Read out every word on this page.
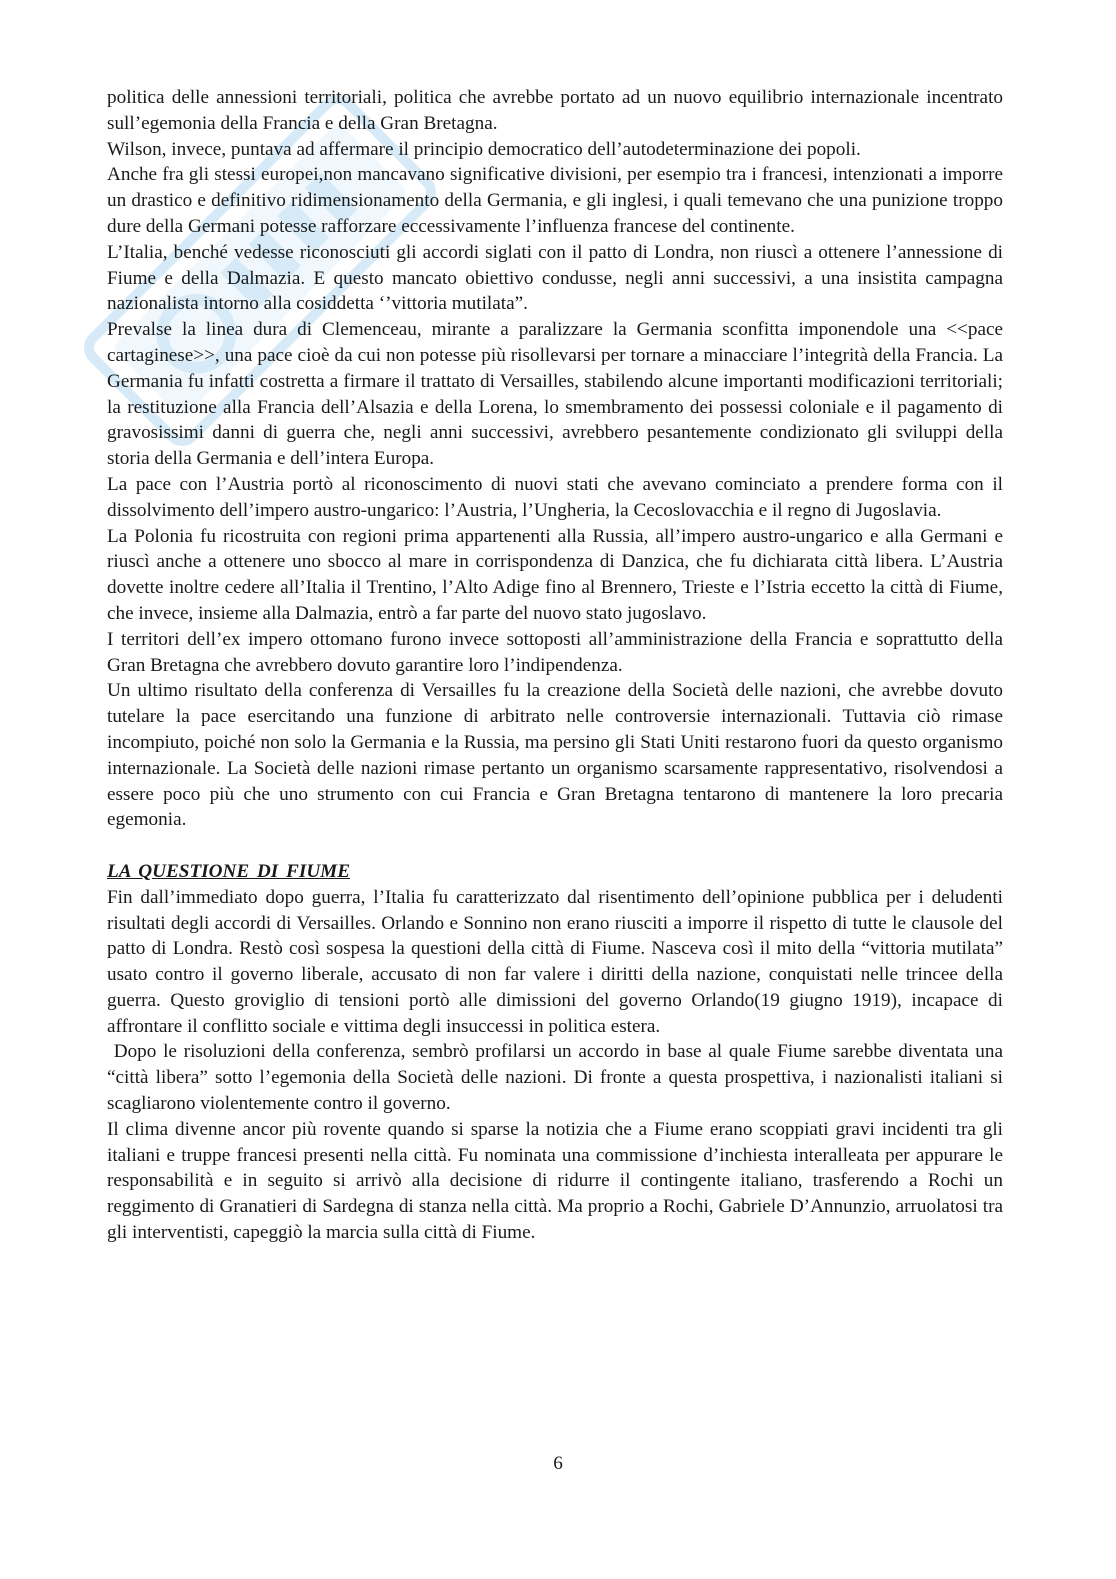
politica delle annessioni territoriali, politica che avrebbe portato ad un nuovo equilibrio internazionale incentrato sull’egemonia della Francia e della Gran Bretagna.

Wilson, invece, puntava ad affermare il principio democratico dell’autodeterminazione dei popoli.

Anche fra gli stessi europei,non mancavano significative divisioni, per esempio tra i francesi, intenzionati a imporre un drastico e definitivo ridimensionamento della Germania, e gli inglesi, i quali temevano che una punizione troppo dure della Germani potesse rafforzare eccessivamente l’influenza francese del continente.

L’Italia, benché vedesse riconosciuti gli accordi siglati con il patto di Londra, non riuscì a ottenere l’annessione di Fiume e della Dalmazia. E questo mancato obiettivo condusse, negli anni successivi, a una insistita campagna nazionalista intorno alla cosiddetta ‘’vittoria mutilata”.

Prevalse la linea dura di Clemenceau, mirante a paralizzare la Germania sconfitta imponendole una <<pace cartaginese>>, una pace cioè da cui non potesse più risollevarsi per tornare a minacciare l’integrità della Francia. La Germania fu infatti costretta a firmare il trattato di Versailles, stabilendo alcune importanti modificazioni territoriali; la restituzione alla Francia dell’Alsazia e della Lorena, lo smembramento dei possessi coloniale e il pagamento di gravosissimi danni di guerra che, negli anni successivi, avrebbero pesantemente condizionato gli sviluppi della storia della Germania e dell’intera Europa.

La pace con l’Austria portò al riconoscimento di nuovi stati che avevano cominciato a prendere forma con il dissolvimento dell’impero austro-ungarico: l’Austria, l’Ungheria, la Cecoslovacchia e il regno di Jugoslavia.

La Polonia fu ricostruita con regioni prima appartenenti alla Russia, all’impero austro-ungarico e alla Germani e riuscì anche a ottenere uno sbocco al mare in corrispondenza di Danzica, che fu dichiarata città libera. L’Austria dovette inoltre cedere all’Italia il Trentino, l’Alto Adige fino al Brennero, Trieste e l’Istria eccetto la città di Fiume, che invece, insieme alla Dalmazia, entrò a far parte del nuovo stato jugoslavo.

I territori dell’ex impero ottomano furono invece sottoposti all’amministrazione della Francia e soprattutto della Gran Bretagna che avrebbero dovuto garantire loro l’indipendenza.

Un ultimo risultato della conferenza di Versailles fu la creazione della Società delle nazioni, che avrebbe dovuto tutelare la pace esercitando una funzione di arbitrato nelle controversie internazionali. Tuttavia ciò rimase incompiuto, poiché non solo la Germania e la Russia, ma persino gli Stati Uniti restarono fuori da questo organismo internazionale. La Società delle nazioni rimase pertanto un organismo scarsamente rappresentativo, risolvendosi a essere poco più che uno strumento con cui Francia e Gran Bretagna tentarono di mantenere la loro precaria egemonia.

LA QUESTIONE DI FIUME

Fin dall’immediato dopo guerra, l’Italia fu caratterizzato dal risentimento dell’opinione pubblica per i deludenti risultati degli accordi di Versailles. Orlando e Sonnino non erano riusciti a imporre il rispetto di tutte le clausole del patto di Londra. Restò così sospesa la questioni della città di Fiume. Nasceva così il mito della “vittoria mutilata” usato contro il governo liberale, accusato di non far valere i diritti della nazione, conquistati nelle trincee della guerra. Questo groviglio di tensioni portò alle dimissioni del governo Orlando(19 giugno 1919), incapace di affrontare il conflitto sociale e vittima degli insuccessi in politica estera.

Dopo le risoluzioni della conferenza, sembrò profilarsi un accordo in base al quale Fiume sarebbe diventata una “città libera” sotto l’egemonia della Società delle nazioni. Di fronte a questa prospettiva, i nazionalisti italiani si scagliarono violentemente contro il governo.

Il clima divenne ancor più rovente quando si sparse la notizia che a Fiume erano scoppiati gravi incidenti tra gli italiani e truppe francesi presenti nella città. Fu nominata una commissione d’inchiesta interalleata per appurare le responsabilità e in seguito si arrivò alla decisione di ridurre il contingente italiano, trasferendo a Rochi un reggimento di Granatieri di Sardegna di stanza nella città. Ma proprio a Rochi, Gabriele D’Annunzio, arruolatosi tra gli interventisti, capeggiò la marcia sulla città di Fiume.

6
